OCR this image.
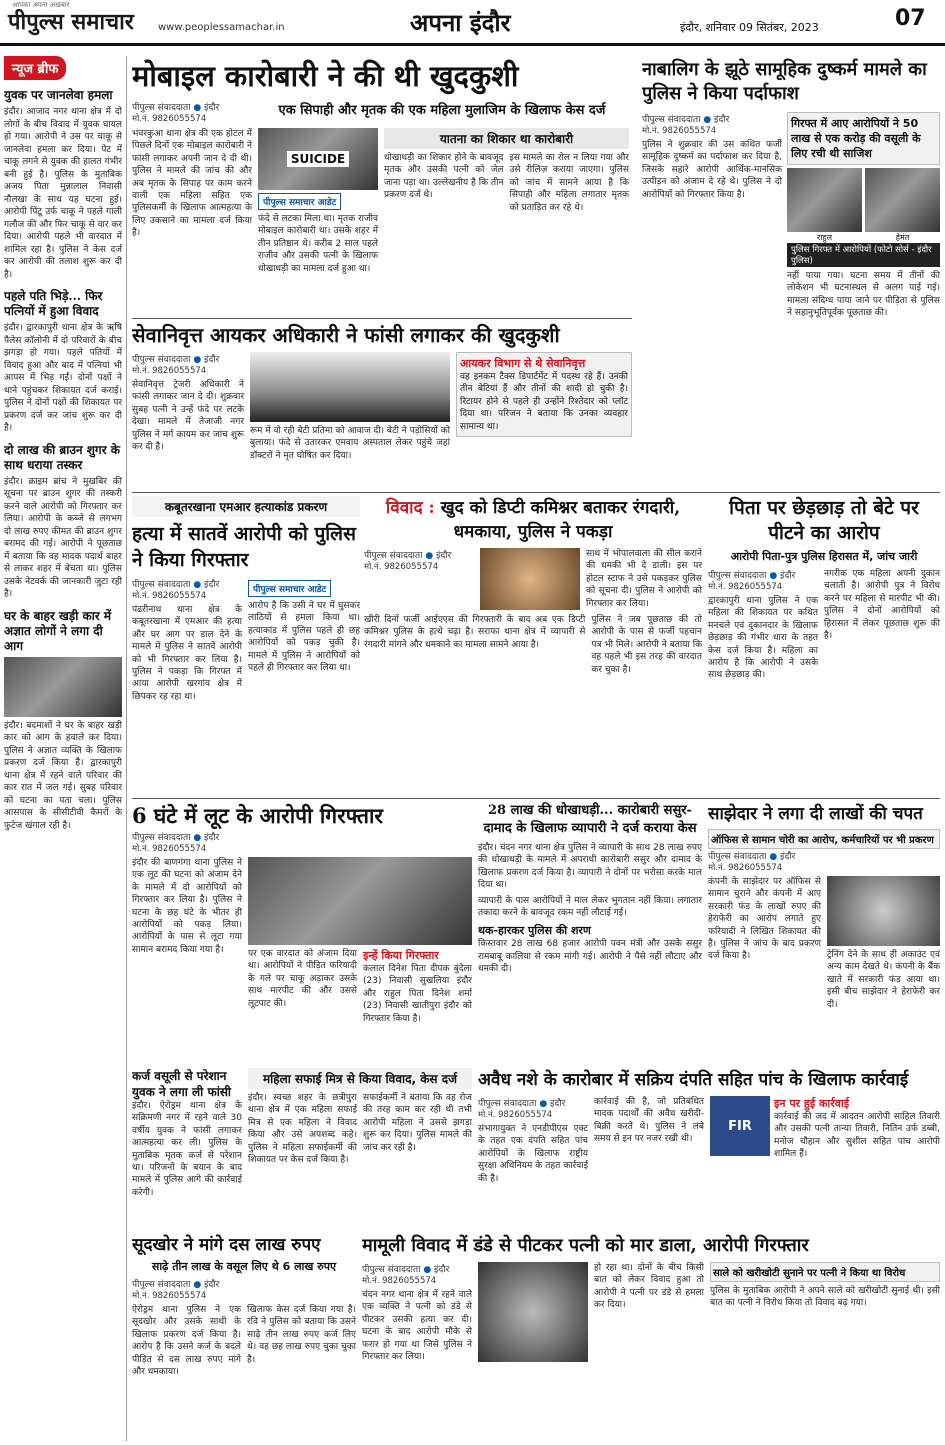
आपका अपना अखबार
पीपुल्स समाचार www.peoplessamachar.in	अपना इंदौर	इंदौर, शनिवार 09 सितंबर, 2023	07
न्यूज ब्रीफ
युवक पर जानलेवा हमला
इंदौर। आजाद नगर थाना क्षेत्र में दो लोगों के बीच विवाद में युवक घायल हो गया। आरोपी ने उस पर चाकू से जानलेवा हमला कर दिया। पेट में चाकू लगने से युवक की हालत गंभीर बनी हुई है। पुलिस के मुताबिक अजय पिता मुन्नालाल निवासी नौलखा के साथ यह घटना हुई। आरोपी पिंटू उर्फ चाकू ने पहले गाली गलौज की और फिर चाकू से वार कर दिया। आरोपी पहले भी वारदात में शामिल रहा है। पुलिस ने केस दर्ज कर आरोपी की तलाश शुरू कर दी है।
पहले पति भिड़े... फिर पत्नियों में हुआ विवाद
इंदौर। द्वारकापुरी थाना क्षेत्र के ऋषि पैलेस कॉलोनी में दो परिवारों के बीच झगड़ा हो गया। पहले पतियों में विवाद हुआ और बाद में पत्नियां भी आपस में भिड़ गईं। दोनों पक्षों ने थाने पहुंचकर शिकायत दर्ज कराई। पुलिस ने दोनों पक्षों की शिकायत पर प्रकरण दर्ज कर जांच शुरू कर दी है।
दो लाख की ब्राउन शुगर के साथ धराया तस्कर
इंदौर। क्राइम ब्रांच ने मुखबिर की सूचना पर ब्राउन शुगर की तस्करी करने वाले आरोपी को गिरफ्तार कर लिया। आरोपी के कब्जे से लगभग दो लाख रुपए कीमत की ब्राउन शुगर बरामद की गई। आरोपी ने पूछताछ में बताया कि वह मादक पदार्थ बाहर से लाकर शहर में बेचता था। पुलिस उसके नेटवर्क की जानकारी जुटा रही है।
घर के बाहर खड़ी कार में अज्ञात लोगों ने लगा दी आग
इंदौर। बदमाशों ने घर के बाहर खड़ी कार को आग के हवाले कर दिया। पुलिस ने अज्ञात व्यक्ति के खिलाफ प्रकरण दर्ज किया है। द्वारकापुरी थाना क्षेत्र में रहने वाले परिवार की कार रात में जल गई। सुबह परिवार को घटना का पता चला। पुलिस आसपास के सीसीटीवी कैमरों के फुटेज खंगाल रही है।
मोबाइल कारोबारी ने की थी खुदकुशी
पीपुल्स संवाददाता ● इंदौर
मो.नं. 9826055574
एक सिपाही और मृतक की एक महिला मुलाजिम के खिलाफ केस दर्ज
भंवरकुआ थाना क्षेत्र की एक होटल में पिछले दिनों एक मोबाइल कारोबारी ने फांसी लगाकर अपनी जान दे दी थी। पुलिस ने मामले की जांच की और अब मृतक के सिपाह पर काम करने वाली एक महिला सहित एक पुलिसकर्मी के खिलाफ आत्महत्या के लिए उकसाने का मामला दर्ज किया है।
SUICIDE
पीपुल्स समाचार आडेट
फंदे से लटका मिला था। मृतक राजीव मोबाइल कारोबारी था। उसके शहर में तीन प्रतिष्ठान थे। करीब 2 साल पहले राजीव और उसकी पत्नी के खिलाफ धोखाधड़ी का मामला दर्ज हुआ था।
यातना का शिकार था कारोबारी
धोखाधड़ी का शिकार होने के बावजूद मृतक और उसकी पत्नी को जेल जाना पड़ा था। उल्लेखनीय है कि तीन प्रकरण दर्ज थे।
इस मामले का रोल न लिया गया और उसे रीलिज़ कराया जाएगा। पुलिस को जांच में सामने आया है कि सिपाही और महिला लगातार मृतक को प्रताड़ित कर रहे थे।
नाबालिग के झूठे सामूहिक दुष्कर्म मामले का पुलिस ने किया पर्दाफाश
पीपुल्स संवाददाता ● इंदौर
मो.नं. 9826055574
पुलिस ने शुक्रवार की उस कथित फर्जी सामूहिक दुष्कर्म का पर्दाफाश कर दिया है, जिसके सहारे आरोपी आर्थिक-मानसिक उत्पीड़न को अंजाम दे रहे थे। पुलिस ने दो आरोपियों को गिरफ्तार किया है।
गिरफ्त में आए आरोपियों ने 50 लाख से एक करोड़ की वसूली के लिए रची थी साजिश
राहुल	हेमंत
पुलिस गिरफ्त में आरोपियों (फोटो सोर्स - इंदौर पुलिस)
नहीं पाया गया। घटना समय में तीनों की लोकेशन भी घटनास्थल से अलग पाई गई। मामला संदिग्ध पाया जाने पर पीड़िता से पुलिस ने सहानुभूतिपूर्वक पूछताछ की।
सेवानिवृत्त आयकर अधिकारी ने फांसी लगाकर की खुदकुशी
पीपुल्स संवाददाता ● इंदौर
मो.नं. 9826055574
सेवानिवृत्त ट्रेजरी अधिकारी ने फांसी लगाकर जान दे दी। शुक्रवार सुबह पत्नी ने उन्हें फंदे पर लटके देखा। मामले में तेजाजी नगर पुलिस ने मर्ग कायम कर जांच शुरू कर दी है।
रूम में वो रही बेटी प्रतिमा को आवाज दी। बेटी ने पड़ोसियों को बुलाया। फंदे से उतारकर एमवाय अस्पताल लेकर पहुंचे जहां डॉक्टरों ने मृत घोषित कर दिया।
आयकर विभाग से थे सेवानिवृत्त
वह इनकम टैक्स डिपार्टमेंट में पदस्थ रहे हैं। उनकी तीन बेटियां हैं और तीनों की शादी हो चुकी है। रिटायर होने से पहले ही उन्होंने रिश्तेदार को प्लॉट दिया था। परिजन ने बताया कि उनका व्यवहार सामान्य था।
कबूतरखाना एमआर हत्याकांड प्रकरण
हत्या में सातवें आरोपी को पुलिस ने किया गिरफ्तार
पीपुल्स संवाददाता ● इंदौर
मो.नं. 9826055574
पंढरीनाथ थाना क्षेत्र के कबूतरखाना में एमआर की हत्या और घर आग पर डाल देने के मामले में पुलिस ने सातवें आरोपी को भी गिरफ्तार कर लिया है। पुलिस ने पकड़ा कि गिरफ्त में आया आरोपी खरगांव क्षेत्र में छिपकर रह रहा था।
पीपुल्स समाचार आडेट
आरोप है कि उसी ने घर में घुसकर लाठियों से हमला किया था। हत्याकांड में पुलिस पहले ही छह आरोपियों को पकड़ चुकी है। मामले में पुलिस ने आरोपियों को पहले ही गिरफ्तार कर लिया था।
विवाद : खुद को डिप्टी कमिश्नर बताकर रंगदारी, धमकाया, पुलिस ने पकड़ा
पीपुल्स संवाददाता ● इंदौर
मो.नं. 9826055574
साथ में भोपालवाला की सील कराने की धमकी भी दे डाली। इस पर होटल स्टाफ ने उसे पकड़कर पुलिस को सूचना दी। पुलिस ने आरोपी को गिरफ्तार कर लिया।
खीरी दिनों फर्जी आईएएस की गिरफ्तारी के बाद अब एक डिप्टी कमिश्नर पुलिस के हत्थे चढ़ा है। सराफा थाना क्षेत्र में व्यापारी से रंगदारी मांगने और धमकाने का मामला सामने आया है।
पुलिस ने जब पूछताछ की तो आरोपी के पास से फर्जी पहचान पत्र भी मिले। आरोपी ने बताया कि वह पहले भी इस तरह की वारदात कर चुका है।
पिता पर छेड़छाड़ तो बेटे पर पीटने का आरोप
आरोपी पिता-पुत्र पुलिस हिरासत में, जांच जारी
पीपुल्स संवाददाता ● इंदौर
मो.नं. 9826055574
द्वारकापुरी थाना पुलिस ने एक महिला की शिकायत पर कथित मनचले एवं दुकानदार के खिलाफ छेड़छाड़ की गंभीर धारा के तहत केस दर्ज किया है। महिला का आरोप है कि आरोपी ने उसके साथ छेड़छाड़ की।
नगरीक एक महिला अपनी दुकान चलाती है। आरोपी पुत्र ने विरोध करने पर महिला से मारपीट भी की। पुलिस ने दोनों आरोपियों को हिरासत में लेकर पूछताछ शुरू की है।
6 घंटे में लूट के आरोपी गिरफ्तार
पीपुल्स संवाददाता ● इंदौर
मो.नं. 9826055574
इंदौर की बाणगंगा थाना पुलिस ने एक लूट की घटना को अंजाम देने के मामले में दो आरोपियों को गिरफ्तार कर लिया है। पुलिस ने घटना के छह घंटे के भीतर ही आरोपियों को पकड़ लिया। आरोपियों के पास से लूटा गया सामान बरामद किया गया है।	पर एक वारदात को अंजाम दिया था। आरोपियों ने पीड़ित फरियादी के गले पर चाकू अड़ाकर उसके साथ मारपीट की और उससे लूटपाट की।
इन्हें किया गिरफ्तार
कलाल दिनेश पिता दीपक बुंदेला (23) निवासी सुखलिया इंदौर और राहुल पिता दिनेश शर्मा (23) निवासी खातीपुरा इंदौर को गिरफ्तार किया है।
28 लाख की धोखाधड़ी... कारोबारी ससुर-दामाद के खिलाफ व्यापारी ने दर्ज कराया केस
इंदौर। चंदन नगर थाना क्षेत्र पुलिस ने व्यापारी के साथ 28 लाख रुपए की धोखाधड़ी के मामले में अपराधी कारोबारी ससुर और दामाद के खिलाफ प्रकरण दर्ज किया है। व्यापारी ने दोनों पर भरोसा करके माल दिया था।
व्यापारी के पास आरोपियों ने माल लेकर भुगतान नहीं किया। लगातार तकादा करने के बावजूद रकम नहीं लौटाई गई।
थक-हारकर पुलिस की शरण
किस्तवार 28 लाख 68 हजार आरोपी पवन मंत्री और उसके ससुर रामबाबू कालिया से रकम मांगी गई। आरोपी ने पैसे नहीं लौटाए और धमकी दी।
साझेदार ने लगा दी लाखों की चपत
ऑफिस से सामान चोरी का आरोप, कर्मचारियों पर भी प्रकरण
पीपुल्स संवाददाता ● इंदौर
मो.नं. 9826055574
कंपनी के साझेदार पर ऑफिस से सामान चुराने और कंपनी में आए सरकारी फंड के लाखों रुपए की हेराफेरी का आरोप लगाते हुए फरियादी ने लिखित शिकायत की है। पुलिस ने जांच के बाद प्रकरण दर्ज किया है।	ट्रेनिंग देने के साथ ही अकाउंट एवं अन्य काम देखते थे। कंपनी के बैंक खाते में सरकारी फंड आया था। इसी बीच साझेदार ने हेराफेरी कर दी।
कर्ज वसूली से परेशान युवक ने लगा ली फांसी
इंदौर। ऐरोड्रम थाना क्षेत्र के सक्रिमणी नगर में रहने वाले 30 वर्षीय युवक ने फांसी लगाकर आत्महत्या कर ली। पुलिस के मुताबिक मृतक कर्ज से परेशान था। परिजनों के बयान के बाद मामले में पुलिस आगे की कार्रवाई करेगी।
महिला सफाई मित्र से किया विवाद, केस दर्ज
इंदौर। स्वच्छ शहर के छत्रीपुरा थाना क्षेत्र में एक महिला सफाई मित्र से एक महिला ने विवाद किया और उसे अपशब्द कहे। पुलिस ने महिला सफाईकर्मी की शिकायत पर केस दर्ज किया है।
सफाईकर्मी ने बताया कि वह रोज की तरह काम कर रही थी तभी आरोपी महिला ने उससे झगड़ा शुरू कर दिया। पुलिस मामले की जांच कर रही है।
अवैध नशे के कारोबार में सक्रिय दंपति सहित पांच के खिलाफ कार्रवाई
पीपुल्स संवाददाता ● इंदौर
मो.नं. 9826055574
संभागायुक्त ने एनडीपीएस एक्ट के तहत एक दंपति सहित पांच आरोपियों के खिलाफ राष्ट्रीय सुरक्षा अधिनियम के तहत कार्रवाई की है।
कार्रवाई की है, जो प्रतिबंधित मादक पदार्थों की अवैध खरीदी-बिक्री करते थे। पुलिस ने लंबे समय से इन पर नजर रखी थी।
FIR
इन पर हुई कार्रवाई
कार्रवाई की जद में आदतन आरोपी साहिल तिवारी और उसकी पत्नी तान्या तिवारी, नितिन उर्फ डब्बी, मनोज चौहान और सुशील सहित पांच आरोपी शामिल हैं।
सूदखोर ने मांगे दस लाख रुपए
साढ़े तीन लाख के वसूल लिए थे 6 लाख रुपए
पीपुल्स संवाददाता ● इंदौर
मो.नं. 9826055574
ऐरोड्रम थाना पुलिस ने एक सूदखोर और उसके साथी के खिलाफ प्रकरण दर्ज किया है। आरोप है कि उसने कर्ज के बदले पीड़ित से दस लाख रुपए मांगे और धमकाया।
खिलाफ केस दर्ज किया गया है। रवि ने पुलिस को बताया कि उसने साढ़े तीन लाख रुपए कर्ज लिए थे। वह छह लाख रुपए चुका चुका है।
मामूली विवाद में डंडे से पीटकर पत्नी को मार डाला, आरोपी गिरफ्तार
पीपुल्स संवाददाता ● इंदौर
मो.नं. 9826055574
चंदन नगर थाना क्षेत्र में रहने वाले एक व्यक्ति ने पत्नी को डंडे से पीटकर उसकी हत्या कर दी। घटना के बाद आरोपी मौके से फरार हो गया था जिसे पुलिस ने गिरफ्तार कर लिया।
हो रहा था। दोनों के बीच किसी बात को लेकर विवाद हुआ तो आरोपी ने पत्नी पर डंडे से हमला कर दिया।
साले को खरीखोटी सुनाने पर पत्नी ने किया था विरोध
पुलिस के मुताबिक आरोपी ने अपने साले को खरीखोटी सुनाई थी। इसी बात का पत्नी ने विरोध किया तो विवाद बढ़ गया।
